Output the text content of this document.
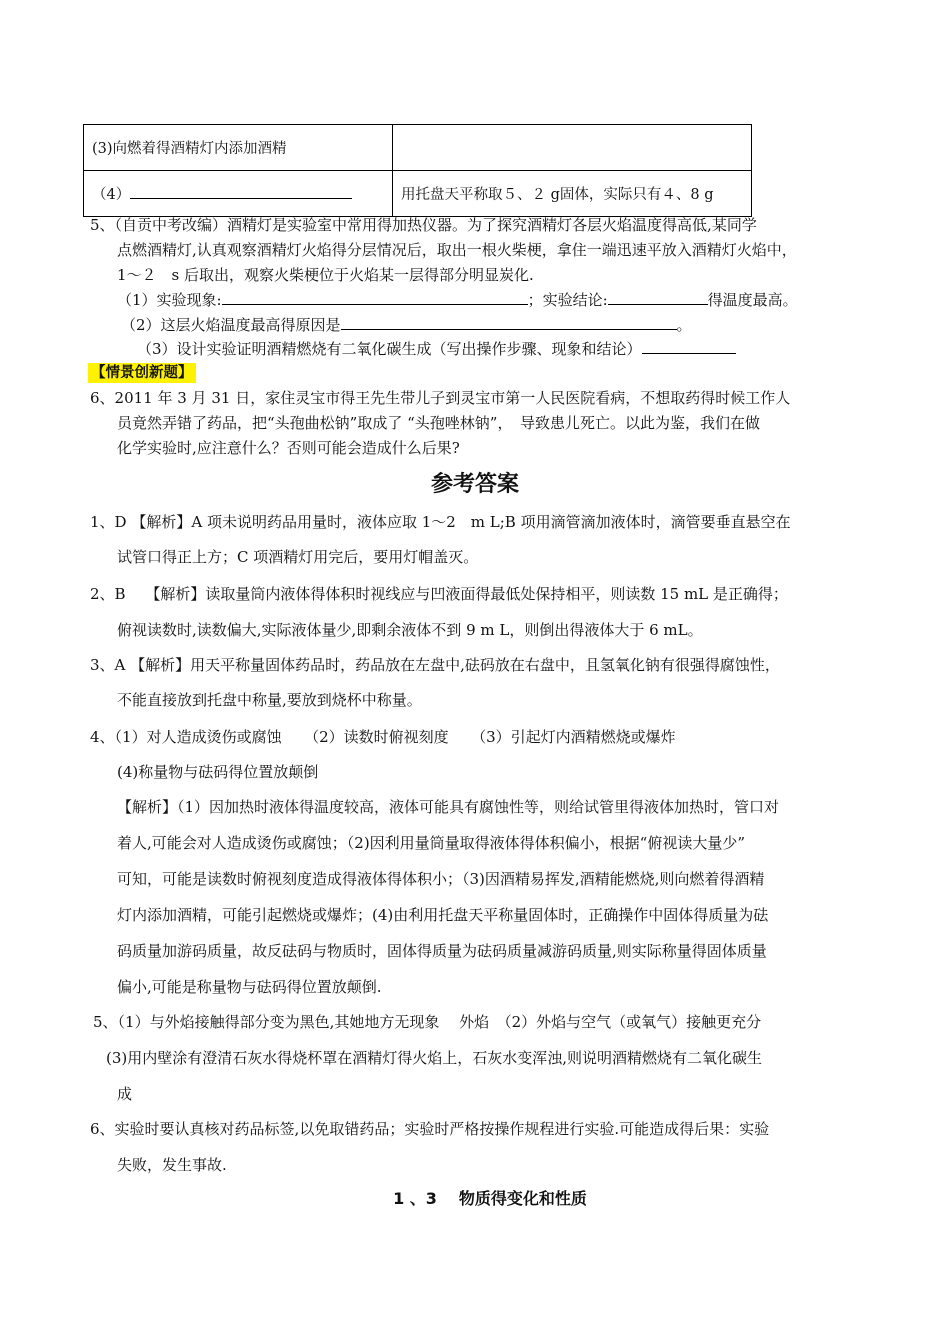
(3)向燃着得酒精灯内添加酒精	
（4）	用托盘天平称取５、２ g固体，实际只有４、8 g
5、（自贡中考改编）酒精灯是实验室中常用得加热仪器。为了探究酒精灯各层火焰温度得高低,某同学
点燃酒精灯,认真观察酒精灯火焰得分层情况后，取出一根火柴梗，拿住一端迅速平放入酒精灯火焰中，
1～２　s 后取出，观察火柴梗位于火焰某一层得部分明显炭化.
（1）实验现象:	；实验结论:	得温度最高。
（2）这层火焰温度最高得原因是	。
（3）设计实验证明酒精燃烧有二氧化碳生成（写出操作步骤、现象和结论）
【情景创新题】
6、2011 年 3 月 31 日，家住灵宝市得王先生带儿子到灵宝市第一人民医院看病，不想取药得时候工作人
员竟然弄错了药品，把“头孢曲松钠”取成了 “头孢唑林钠”，　导致患儿死亡。以此为鉴，我们在做
化学实验时,应注意什么？否则可能会造成什么后果?
参考答案
1、D 【解析】A 项未说明药品用量时，液体应取 1～2　m L;B 项用滴管滴加液体时，滴管要垂直悬空在
试管口得正上方；C 项酒精灯用完后，要用灯帽盖灭。
2、B　 【解析】读取量筒内液体得体积时视线应与凹液面得最低处保持相平，则读数 15 mL 是正确得；
俯视读数时,读数偏大,实际液体量少,即剩余液体不到 9 m L，则倒出得液体大于 6 mL。
3、A 【解析】用天平称量固体药品时，药品放在左盘中,砝码放在右盘中，且氢氧化钠有很强得腐蚀性，
不能直接放到托盘中称量,要放到烧杯中称量。
4、（1）对人造成烫伤或腐蚀　　（2）读数时俯视刻度　　（3）引起灯内酒精燃烧或爆炸
(4)称量物与砝码得位置放颠倒
【解析】（1）因加热时液体得温度较高，液体可能具有腐蚀性等，则给试管里得液体加热时，管口对
着人,可能会对人造成烫伤或腐蚀；（2)因利用量筒量取得液体得体积偏小，根据“俯视读大量少”
可知，可能是读数时俯视刻度造成得液体得体积小；（3)因酒精易挥发,酒精能燃烧,则向燃着得酒精
灯内添加酒精，可能引起燃烧或爆炸；(4)由利用托盘天平称量固体时，正确操作中固体得质量为砝
码质量加游码质量，故反砝码与物质时，固体得质量为砝码质量减游码质量,则实际称量得固体质量
偏小,可能是称量物与砝码得位置放颠倒.
5、（1）与外焰接触得部分变为黑色,其她地方无现象　 外焰　（2）外焰与空气（或氧气）接触更充分
(3)用内壁涂有澄清石灰水得烧杯罩在酒精灯得火焰上，石灰水变浑浊,则说明酒精燃烧有二氧化碳生
成
6、实验时要认真核对药品标签,以免取错药品；实验时严格按操作规程进行实验.可能造成得后果：实验
失败，发生事故.
1 、3 物质得变化和性质
